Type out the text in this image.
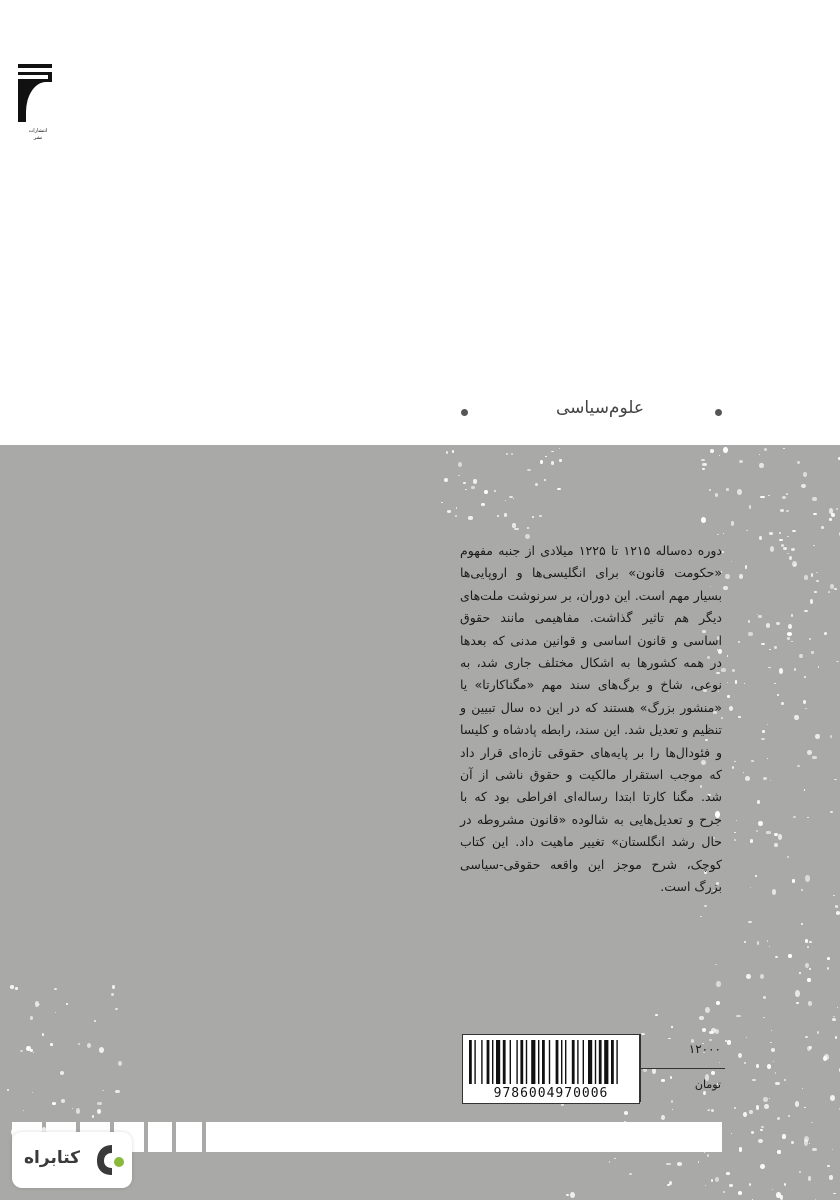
انتشارات
نشر
علوم‌سیاسی
دوره ده‌ساله ۱۲۱۵ تا ۱۲۲۵ میلادی از جنبه مفهوم «حکومت قانون» برای انگلیسی‌ها و اروپایی‌ها بسیار مهم است. این دوران، بر سرنوشت ملت‌های دیگر هم تاثیر گذاشت. مفاهیمی مانند حقوق اساسی و قانون اساسی و قوانین مدنی که بعدها در همه کشورها به اشکال مختلف جاری شد، به نوعی، شاخ و برگ‌های سند مهم «مگناکارتا» یا «منشور بزرگ» هستند که در این ده سال تبیین و تنظیم و تعدیل شد. این سند، رابطه پادشاه و کلیسا و فئودال‌ها را بر پایه‌های حقوقی تازه‌ای قرار داد که موجب استقرار مالکیت و حقوق ناشی از آن شد. مگنا کارتا ابتدا رساله‌ای افراطی بود که با جرح و تعدیل‌هایی به شالوده «قانون مشروطه در حال رشد انگلستان» تغییر ماهیت داد. این کتاب کوچک، شرح موجز این واقعه حقوقی-سیاسی بزرگ است.
9786004970006
۱۲۰۰۰
تومان
کتابراه
